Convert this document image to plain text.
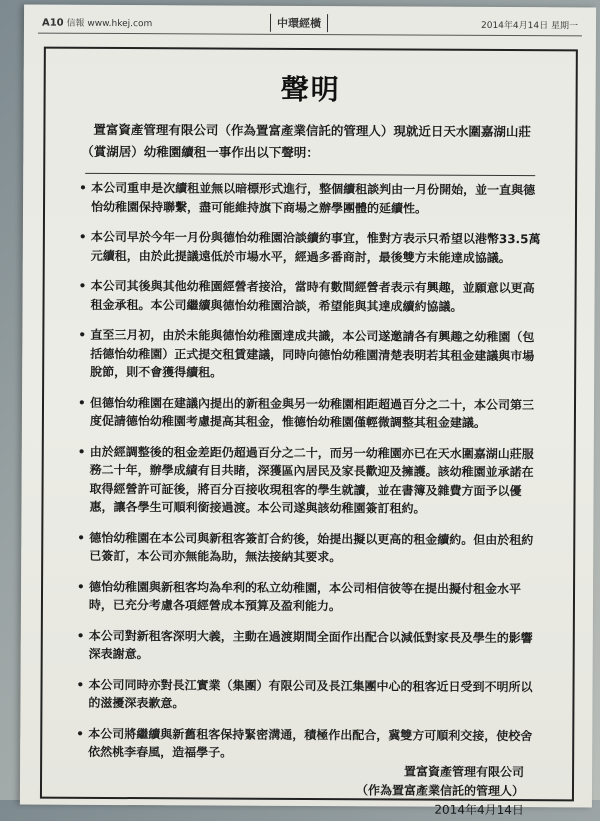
A10 信報 www.hkej.com	中環經橫	2014年4月14日 星期一
聲明
置富資產管理有限公司（作為置富產業信託的管理人）現就近日天水圍嘉湖山莊（賞湖居）幼稚園續租一事作出以下聲明：
• 本公司重申是次續租並無以暗標形式進行，整個續租談判由一月份開始，並一直與德怡幼稚園保持聯繫，盡可能維持旗下商場之辦學團體的延續性。
• 本公司早於今年一月份與德怡幼稚園洽談續約事宜，惟對方表示只希望以港幣33.5萬元續租，由於此提議遠低於市場水平，經過多番商討，最後雙方未能達成協議。
• 本公司其後與其他幼稚園經營者接洽，當時有數間經營者表示有興趣，並願意以更高租金承租。本公司繼續與德怡幼稚園洽談，希望能與其達成續約協議。
• 直至三月初，由於未能與德怡幼稚園達成共識，本公司遂邀請各有興趣之幼稚園（包括德怡幼稚園）正式提交租賃建議，同時向德怡幼稚園清楚表明若其租金建議與市場脫節，則不會獲得續租。
• 但德怡幼稚園在建議內提出的新租金與另一幼稚園相距超過百分之二十，本公司第三度促請德怡幼稚園考慮提高其租金，惟德怡幼稚園僅輕微調整其租金建議。
• 由於經調整後的租金差距仍超過百分之二十，而另一幼稚園亦已在天水圍嘉湖山莊服務二十年，辦學成績有目共睹，深獲區內居民及家長歡迎及擁護。該幼稚園並承諾在取得經營許可証後，將百分百接收現租客的學生就讀，並在書簿及雜費方面予以優惠，讓各學生可順利銜接過渡。本公司遂與該幼稚園簽訂租約。
• 德怡幼稚園在本公司與新租客簽訂合約後，始提出擬以更高的租金續約。但由於租約已簽訂，本公司亦無能為助，無法接納其要求。
• 德怡幼稚園與新租客均為牟利的私立幼稚園，本公司相信彼等在提出擬付租金水平時，已充分考慮各項經營成本預算及盈利能力。
• 本公司對新租客深明大義，主動在過渡期間全面作出配合以減低對家長及學生的影響深表謝意。
• 本公司同時亦對長江實業（集團）有限公司及長江集團中心的租客近日受到不明所以的滋擾深表歉意。
• 本公司將繼續與新舊租客保持緊密溝通，積極作出配合，冀雙方可順利交接，使校舍依然桃李春風，造福學子。
置富資產管理有限公司
（作為置富產業信託的管理人）
2014年4月14日
